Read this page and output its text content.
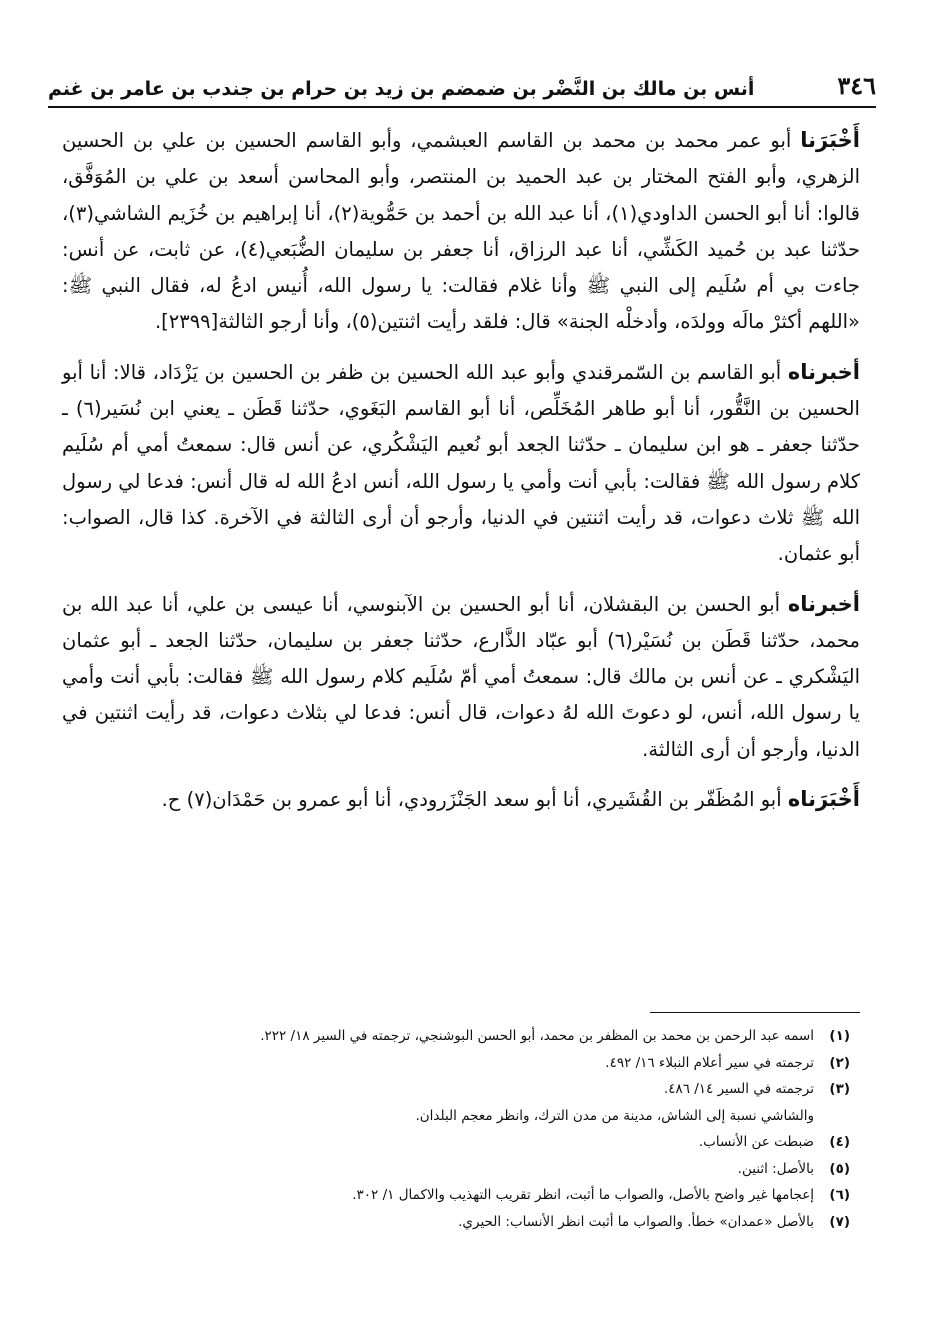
٣٤٦
أنس بن مالك بن النَّضْر بن ضمضم بن زيد بن حرام بن جندب بن عامر بن غنم

أَخْبَرَنا أبو عمر محمد بن محمد بن القاسم العبشمي، وأبو القاسم الحسين بن علي بن الحسين الزهري، وأبو الفتح المختار بن عبد الحميد بن المنتصر، وأبو المحاسن أسعد بن علي بن المُوَفَّق، قالوا: أنا أبو الحسن الداودي(١)، أنا عبد الله بن أحمد بن حَمُّوية(٢)، أنا إبراهيم بن خُزَيم الشاشي(٣)، حدّثنا عبد بن حُميد الكَشِّي، أنا عبد الرزاق، أنا جعفر بن سليمان الضُّبَعي(٤)، عن ثابت، عن أنس: جاءت بي أم سُلَيم إلى النبي ﷺ وأنا غلام فقالت: يا رسول الله، أُنيس ادعُ له، فقال النبي ﷺ: «اللهم أكثرْ مالَه وولدَه، وأدخلْه الجنة» قال: فلقد رأيت اثنتين(٥)، وأنا أرجو الثالثة[٢٣٩٩].

أخبرناه أبو القاسم بن السّمرقندي وأبو عبد الله الحسين بن ظفر بن الحسين بن يَزْدَاد، قالا: أنا أبو الحسين بن النَّقُّور، أنا أبو طاهر المُخَلِّص، أنا أبو القاسم البَغَوي، حدّثنا قَطَن ـ يعني ابن نُسَير(٦) ـ حدّثنا جعفر ـ هو ابن سليمان ـ حدّثنا الجعد أبو نُعيم اليَشْكُري، عن أنس قال: سمعتُ أمي أم سُلَيم كلام رسول الله ﷺ فقالت: بأبي أنت وأمي يا رسول الله، أنس ادعُ الله له قال أنس: فدعا لي رسول الله ﷺ ثلاث دعوات، قد رأيت اثنتين في الدنيا، وأرجو أن أرى الثالثة في الآخرة. كذا قال، الصواب: أبو عثمان.

أخبرناه أبو الحسن بن البقشلان، أنا أبو الحسين بن الآبنوسي، أنا عيسى بن علي، أنا عبد الله بن محمد، حدّثنا قَطَن بن نُسَيْر(٦) أبو عبّاد الذَّارع، حدّثنا جعفر بن سليمان، حدّثنا الجعد ـ أبو عثمان اليَشْكري ـ عن أنس بن مالك قال: سمعتُ أمي أمّ سُلَيم كلام رسول الله ﷺ فقالت: بأبي أنت وأمي يا رسول الله، أنس، لو دعوتَ الله لهُ دعوات، قال أنس: فدعا لي بثلاث دعوات، قد رأيت اثنتين في الدنيا، وأرجو أن أرى الثالثة.

أَخْبَرَناه أبو المُظَفّر بن القُشَيري، أنا أبو سعد الجَنْزَرودي، أنا أبو عمرو بن حَمْدَان(٧) ح.

(١)
اسمه عبد الرحمن بن محمد بن المظفر بن محمد، أبو الحسن البوشنجي، ترجمته في السير ١٨/ ٢٢٢.
(٢)
ترجمته في سير أعلام النبلاء ١٦/ ٤٩٢.
(٣)
ترجمته في السير ١٤/ ٤٨٦.
والشاشي نسبة إلى الشاش، مدينة من مدن الترك، وانظر معجم البلدان.
(٤)
ضبطت عن الأنساب.
(٥)
بالأصل: اثنين.
(٦)
إعجامها غير واضح بالأصل، والصواب ما أثبت، انظر تقريب التهذيب والاكمال ١/ ٣٠٢.
(٧)
بالأصل «عمدان» خطأ. والصواب ما أثبت انظر الأنساب: الحيري.
